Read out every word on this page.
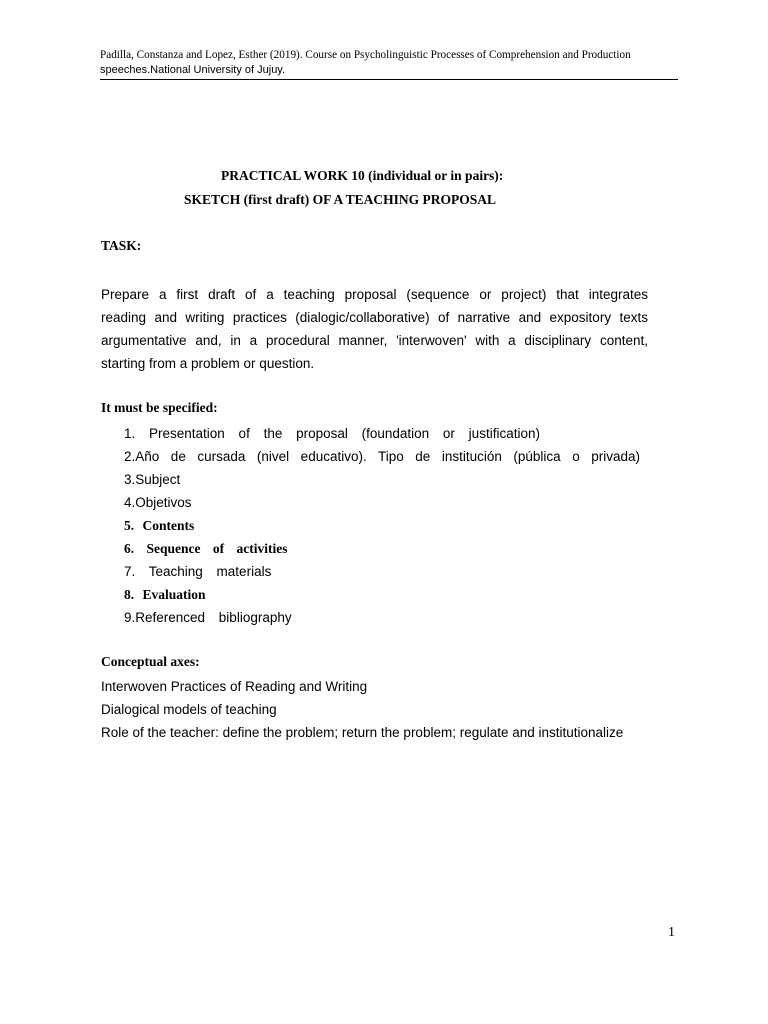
Padilla, Constanza and Lopez, Esther (2019). Course on Psycholinguistic Processes of Comprehension and Production
speeches.National University of Jujuy.
PRACTICAL WORK 10 (individual or in pairs):
SKETCH (first draft) OF A TEACHING PROPOSAL
TASK:
Prepare a first draft of a teaching proposal (sequence or project) that integrates
reading and writing practices (dialogic/collaborative) of narrative and expository texts
argumentative and, in a procedural manner, 'interwoven' with a disciplinary content,
starting from a problem or question.
It must be specified:
1. Presentation of the proposal (foundation or justification)
2.Año de cursada (nivel educativo). Tipo de institución (pública o privada)
3.Subject
4.Objetivos
5. Contents
6. Sequence of activities
7. Teaching materials
8. Evaluation
9.Referenced bibliography
Conceptual axes:
Interwoven Practices of Reading and Writing
Dialogical models of teaching
Role of the teacher: define the problem; return the problem; regulate and institutionalize
1
